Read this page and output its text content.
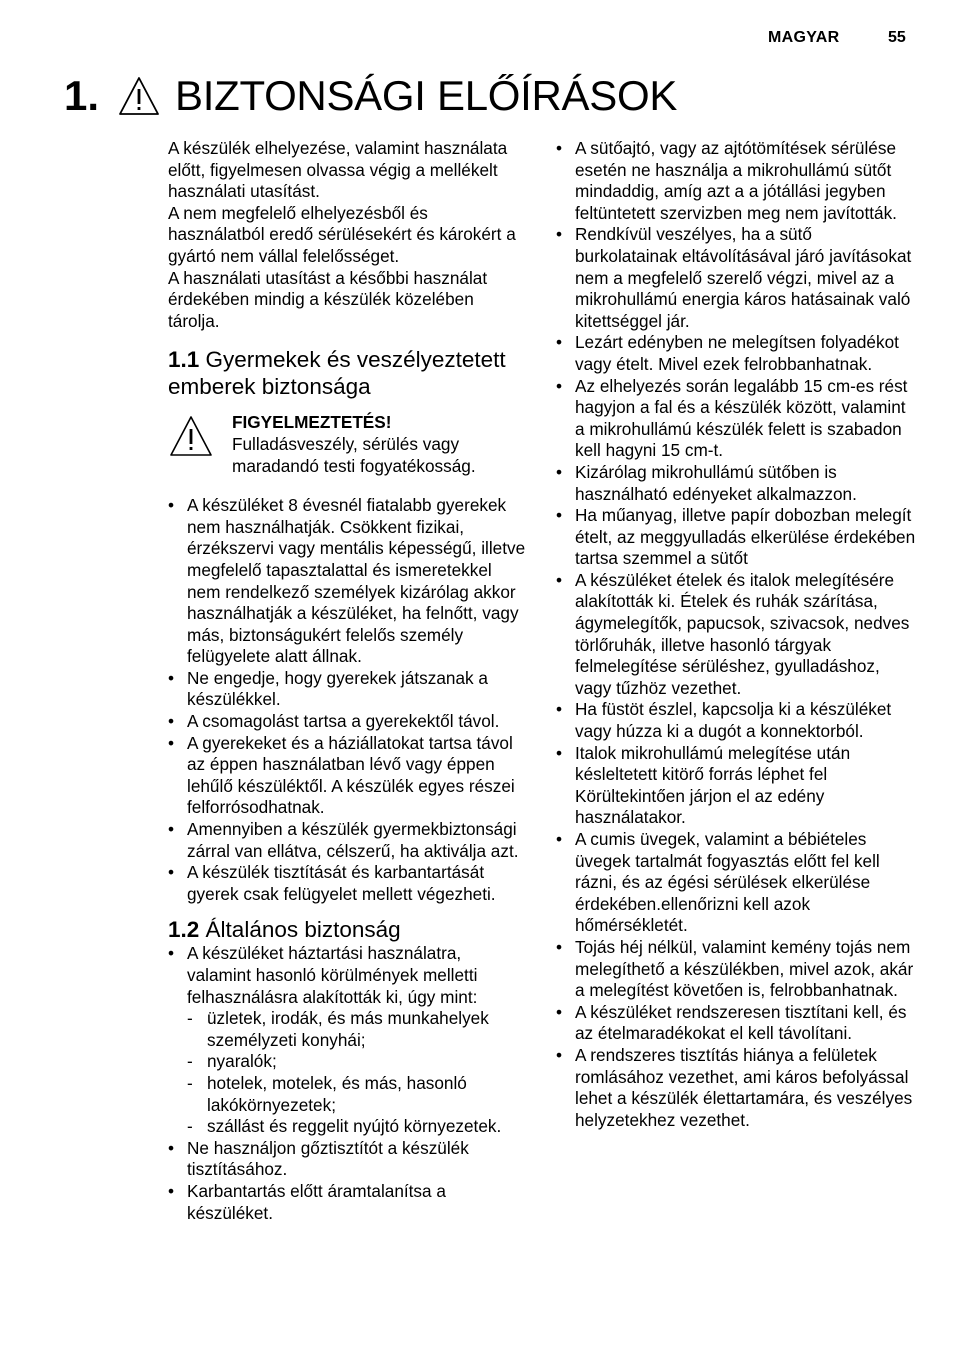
MAGYAR	55
1. BIZTONSÁGI ELŐÍRÁSOK

A készülék elhelyezése, valamint használata előtt, figyelmesen olvassa végig a mellékelt használati utasítást.

A nem megfelelő elhelyezésből és használatból eredő sérülésekért és károkért a gyártó nem vállal felelősséget.

A használati utasítást a későbbi használat érdekében mindig a készülék közelében tárolja.

1.1 Gyermekek és veszélyeztetett emberek biztonsága
FIGYELMEZTETÉS!
Fulladásveszély, sérülés vagy maradandó testi fogyatékosság.
• A készüléket 8 évesnél fiatalabb gyerekek nem használhatják. Csökkent fizikai, érzékszervi vagy mentális képességű, illetve megfelelő tapasztalattal és ismeretekkel nem rendelkező személyek kizárólag akkor használhatják a készüléket, ha felnőtt, vagy más, biztonságukért felelős személy felügyelete alatt állnak.
• Ne engedje, hogy gyerekek játszanak a készülékkel.
• A csomagolást tartsa a gyerekektől távol.
• A gyerekeket és a háziállatokat tartsa távol az éppen használatban lévő vagy éppen lehűlő készüléktől. A készülék egyes részei felforrósodhatnak.
• Amennyiben a készülék gyermekbiztonsági zárral van ellátva, célszerű, ha aktiválja azt.
• A készülék tisztítását és karbantartását gyerek csak felügyelet mellett végezheti.
1.2 Általános biztonság
• A készüléket háztartási használatra, valamint hasonló körülmények melletti felhasználásra alakították ki, úgy mint:
- üzletek, irodák, és más munkahelyek személyzeti konyhái;
- nyaralók;
- hotelek, motelek, és más, hasonló lakókörnyezetek;
- szállást és reggelit nyújtó környezetek.
• Ne használjon gőztisztítót a készülék tisztításához.
• Karbantartás előtt áramtalanítsa a készüléket.
• A sütőajtó, vagy az ajtótömítések sérülése esetén ne használja a mikrohullámú sütőt mindaddig, amíg azt a a jótállási jegyben feltüntetett szervizben meg nem javították.
• Rendkívül veszélyes, ha a sütő burkolatainak eltávolításával járó javításokat nem a megfelelő szerelő végzi, mivel az a mikrohullámú energia káros hatásainak való kitettséggel jár.
• Lezárt edényben ne melegítsen folyadékot vagy ételt. Mivel ezek felrobbanhatnak.
• Az elhelyezés során legalább 15 cm-es rést hagyjon a fal és a készülék között, valamint a mikrohullámú készülék felett is szabadon kell hagyni 15 cm-t.
• Kizárólag mikrohullámú sütőben is használható edényeket alkalmazzon.
• Ha műanyag, illetve papír dobozban melegít ételt, az meggyulladás elkerülése érdekében tartsa szemmel a sütőt
• A készüléket ételek és italok melegítésére alakították ki. Ételek és ruhák szárítása, ágymelegítők, papucsok, szivacsok, nedves törlőruhák, illetve hasonló tárgyak felmelegítése sérüléshez, gyulladáshoz, vagy tűzhöz vezethet.
• Ha füstöt észlel, kapcsolja ki a készüléket vagy húzza ki a dugót a konnektorból.
• Italok mikrohullámú melegítése után késleltetett kitörő forrás léphet fel Körültekintően járjon el az edény használatakor.
• A cumis üvegek, valamint a bébiételes üvegek tartalmát fogyasztás előtt fel kell rázni, és az égési sérülések elkerülése érdekében.ellenőrizni kell azok hőmérsékletét.
• Tojás héj nélkül, valamint kemény tojás nem melegíthető a készülékben, mivel azok, akár a melegítést követően is, felrobbanhatnak.
• A készüléket rendszeresen tisztítani kell, és az ételmaradékokat el kell távolítani.
• A rendszeres tisztítás hiánya a felületek romlásához vezethet, ami káros befolyással lehet a készülék élettartamára, és veszélyes helyzetekhez vezethet.
